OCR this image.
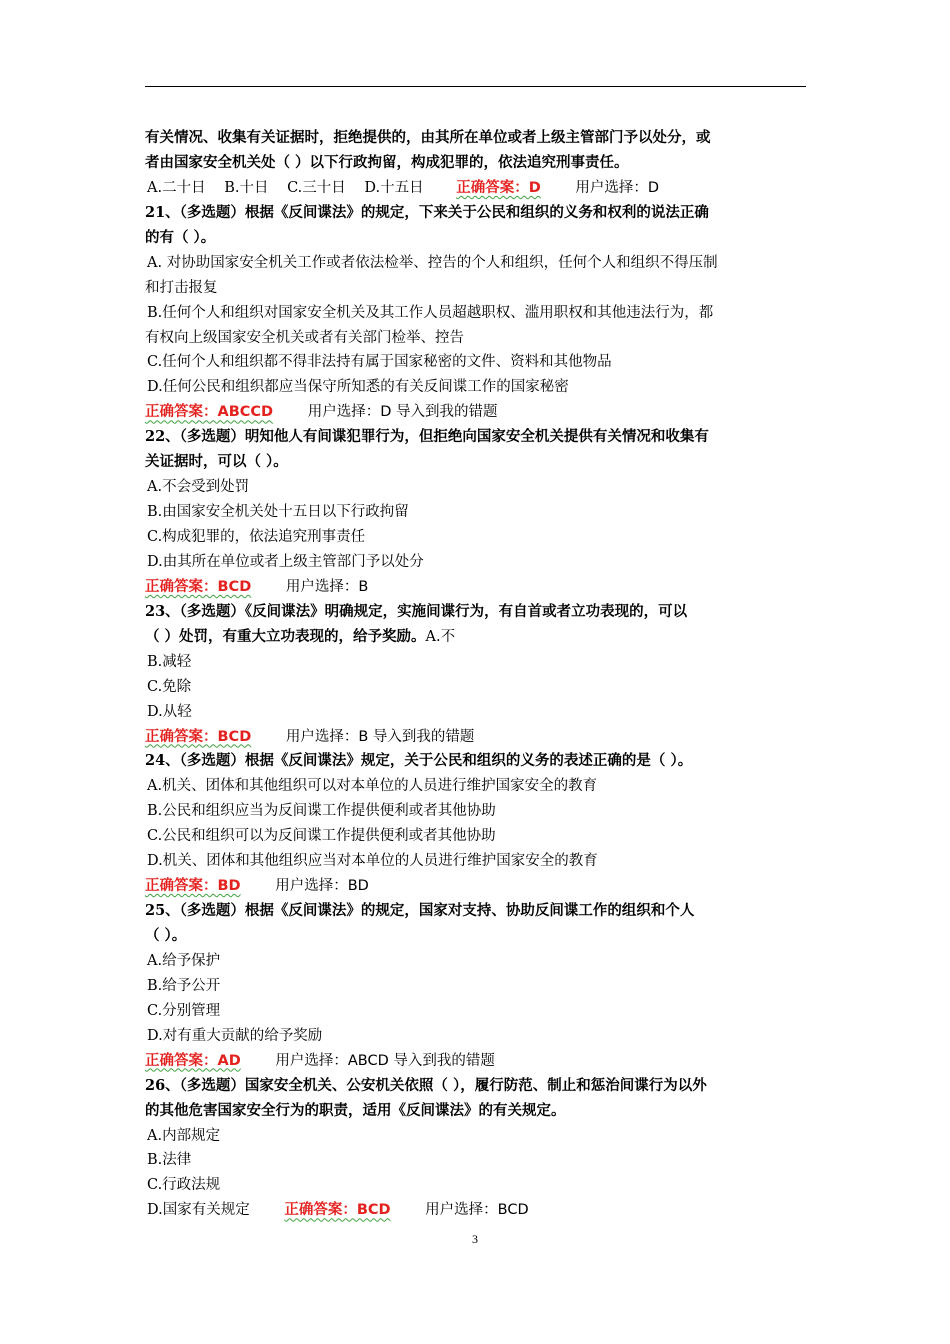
有关情况、收集有关证据时，拒绝提供的，由其所在单位或者上级主管部门予以处分，或
者由国家安全机关处（ ）以下行政拘留，构成犯罪的，依法追究刑事责任。
A.二十日 B.十日 C.三十日 D.十五日 正确答案：D 用户选择：D
21、（多选题）根据《反间谍法》的规定，下来关于公民和组织的义务和权利的说法正确
的有（ ）。
A. 对协助国家安全机关工作或者依法检举、控告的个人和组织，任何个人和组织不得压制
和打击报复
B.任何个人和组织对国家安全机关及其工作人员超越职权、滥用职权和其他违法行为，都
有权向上级国家安全机关或者有关部门检举、控告
C.任何个人和组织都不得非法持有属于国家秘密的文件、资料和其他物品
D.任何公民和组织都应当保守所知悉的有关反间谍工作的国家秘密
正确答案：ABCCD 用户选择：D 导入到我的错题
22、（多选题）明知他人有间谍犯罪行为，但拒绝向国家安全机关提供有关情况和收集有
关证据时，可以（ ）。
A.不会受到处罚
B.由国家安全机关处十五日以下行政拘留
C.构成犯罪的，依法追究刑事责任
D.由其所在单位或者上级主管部门予以处分
正确答案：BCD 用户选择：B
23、（多选题）《反间谍法》明确规定，实施间谍行为，有自首或者立功表现的，可以
（ ）处罚，有重大立功表现的，给予奖励。A.不
B.减轻
C.免除
D.从轻
正确答案：BCD 用户选择：B 导入到我的错题
24、（多选题）根据《反间谍法》规定，关于公民和组织的义务的表述正确的是（ ）。
A.机关、团体和其他组织可以对本单位的人员进行维护国家安全的教育
B.公民和组织应当为反间谍工作提供便利或者其他协助
C.公民和组织可以为反间谍工作提供便利或者其他协助
D.机关、团体和其他组织应当对本单位的人员进行维护国家安全的教育
正确答案：BD 用户选择：BD
25、（多选题）根据《反间谍法》的规定，国家对支持、协助反间谍工作的组织和个人
（ ）。
A.给予保护
B.给予公开
C.分别管理
D.对有重大贡献的给予奖励
正确答案：AD 用户选择：ABCD 导入到我的错题
26、（多选题）国家安全机关、公安机关依照（ ），履行防范、制止和惩治间谍行为以外
的其他危害国家安全行为的职责，适用《反间谍法》的有关规定。
A.内部规定
B.法律
C.行政法规
D.国家有关规定 正确答案：BCD 用户选择：BCD
3
